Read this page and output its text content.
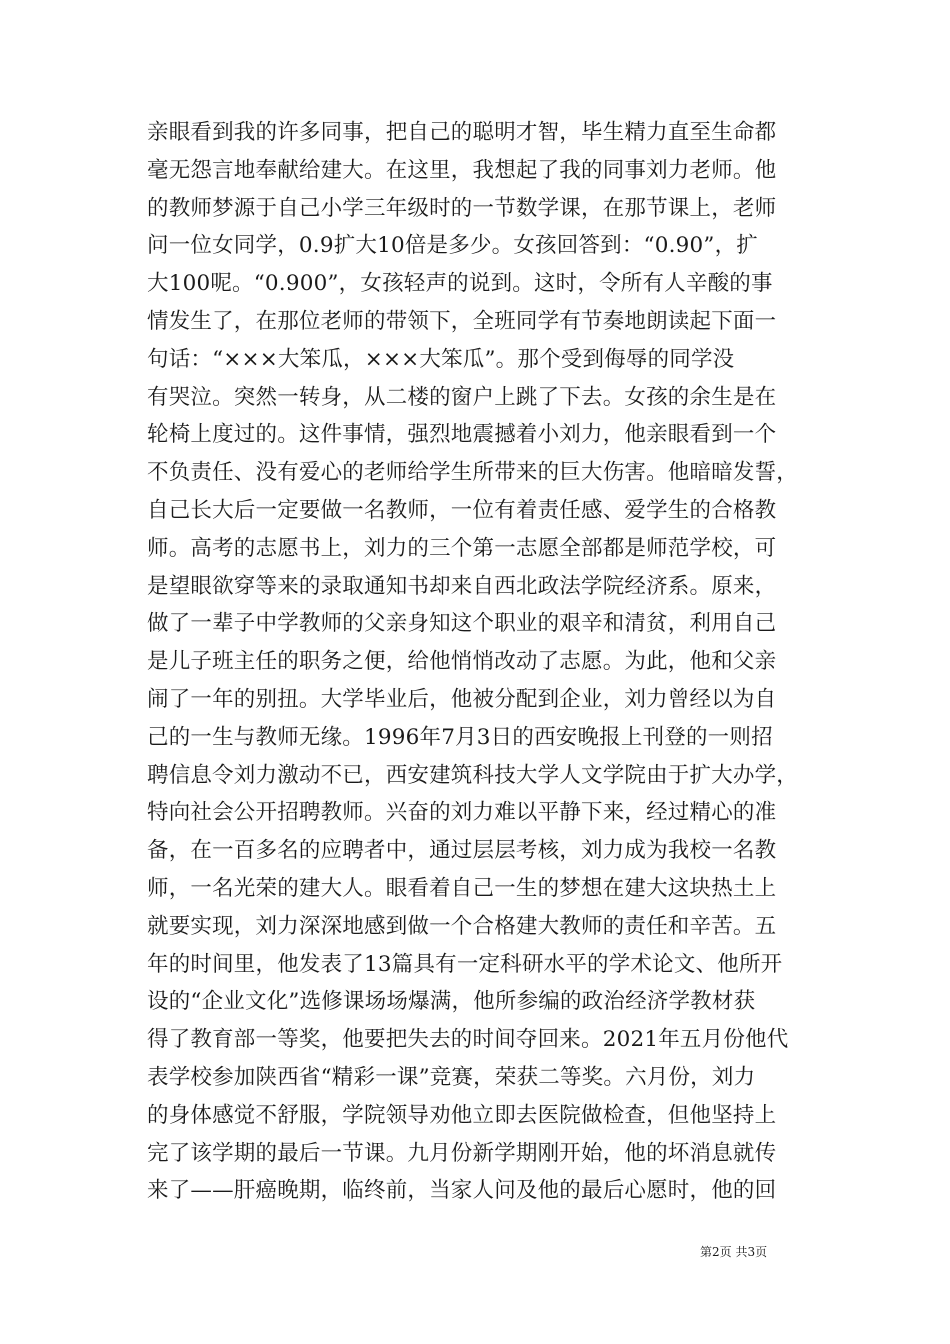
亲眼看到我的许多同事，把自己的聪明才智，毕生精力直至生命都
毫无怨言地奉献给建大。在这里，我想起了我的同事刘力老师。他
的教师梦源于自己小学三年级时的一节数学课，在那节课上，老师
问一位女同学，0.9扩大10倍是多少。女孩回答到：“0.90”，扩
大100呢。“0.900”，女孩轻声的说到。这时，令所有人辛酸的事
情发生了，在那位老师的带领下，全班同学有节奏地朗读起下面一
句话：“×××大笨瓜，×××大笨瓜”。那个受到侮辱的同学没
有哭泣。突然一转身，从二楼的窗户上跳了下去。女孩的余生是在
轮椅上度过的。这件事情，强烈地震撼着小刘力，他亲眼看到一个
不负责任、没有爱心的老师给学生所带来的巨大伤害。他暗暗发誓，
自己长大后一定要做一名教师，一位有着责任感、爱学生的合格教
师。高考的志愿书上，刘力的三个第一志愿全部都是师范学校，可
是望眼欲穿等来的录取通知书却来自西北政法学院经济系。原来，
做了一辈子中学教师的父亲身知这个职业的艰辛和清贫，利用自己
是儿子班主任的职务之便，给他悄悄改动了志愿。为此，他和父亲
闹了一年的别扭。大学毕业后，他被分配到企业，刘力曾经以为自
己的一生与教师无缘。1996年7月3日的西安晚报上刊登的一则招
聘信息令刘力激动不已，西安建筑科技大学人文学院由于扩大办学，
特向社会公开招聘教师。兴奋的刘力难以平静下来，经过精心的准
备，在一百多名的应聘者中，通过层层考核，刘力成为我校一名教
师，一名光荣的建大人。眼看着自己一生的梦想在建大这块热土上
就要实现，刘力深深地感到做一个合格建大教师的责任和辛苦。五
年的时间里，他发表了13篇具有一定科研水平的学术论文、他所开
设的“企业文化”选修课场场爆满，他所参编的政治经济学教材获
得了教育部一等奖，他要把失去的时间夺回来。2021年五月份他代
表学校参加陕西省“精彩一课”竞赛，荣获二等奖。六月份，刘力
的身体感觉不舒服，学院领导劝他立即去医院做检查，但他坚持上
完了该学期的最后一节课。九月份新学期刚开始，他的坏消息就传
来了——肝癌晚期，临终前，当家人问及他的最后心愿时，他的回
第2页 共3页
